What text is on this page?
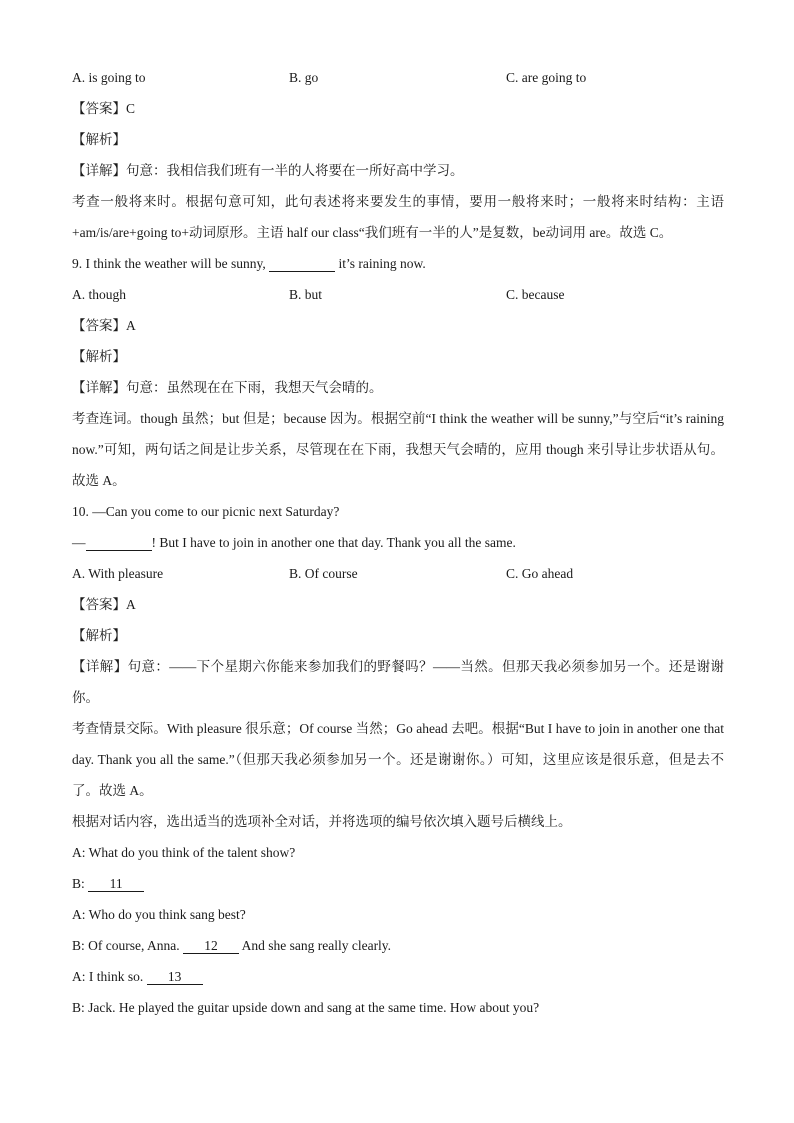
A. is going to	B. go	C. are going to
【答案】C
【解析】
【详解】句意：我相信我们班有一半的人将要在一所好高中学习。
考查一般将来时。根据句意可知，此句表述将来要发生的事情，要用一般将来时；一般将来时结构：主语+am/is/are+going to+动词原形。主语 half our class“我们班有一半的人”是复数，be动词用 are。故选 C。
9. I think the weather will be sunny,	it’s raining now.
A. though	B. but	C. because
【答案】A
【解析】
【详解】句意：虽然现在在下雨，我想天气会晴的。
考查连词。though 虽然；but 但是；because 因为。根据空前“I think the weather will be sunny,”与空后“it’s raining now.”可知，两句话之间是让步关系，尽管现在在下雨，我想天气会晴的，应用 though 来引导让步状语从句。故选 A。
10. —Can you come to our picnic next Saturday?
—	! But I have to join in another one that day. Thank you all the same.
A. With pleasure	B. Of course	C. Go ahead
【答案】A
【解析】
【详解】句意：——下个星期六你能来参加我们的野餐吗？——当然。但那天我必须参加另一个。还是谢谢你。
考查情景交际。With pleasure 很乐意；Of course 当然；Go ahead 去吧。根据“But I have to join in another one that day. Thank you all the same.”（但那天我必须参加另一个。还是谢谢你。）可知，这里应该是很乐意，但是去不了。故选 A。
根据对话内容，选出适当的选项补全对话，并将选项的编号依次填入题号后横线上。
A: What do you think of the talent show?
B: 11
A: Who do you think sang best?
B: Of course, Anna. 12 And she sang really clearly.
A: I think so. 13
B: Jack. He played the guitar upside down and sang at the same time. How about you?
